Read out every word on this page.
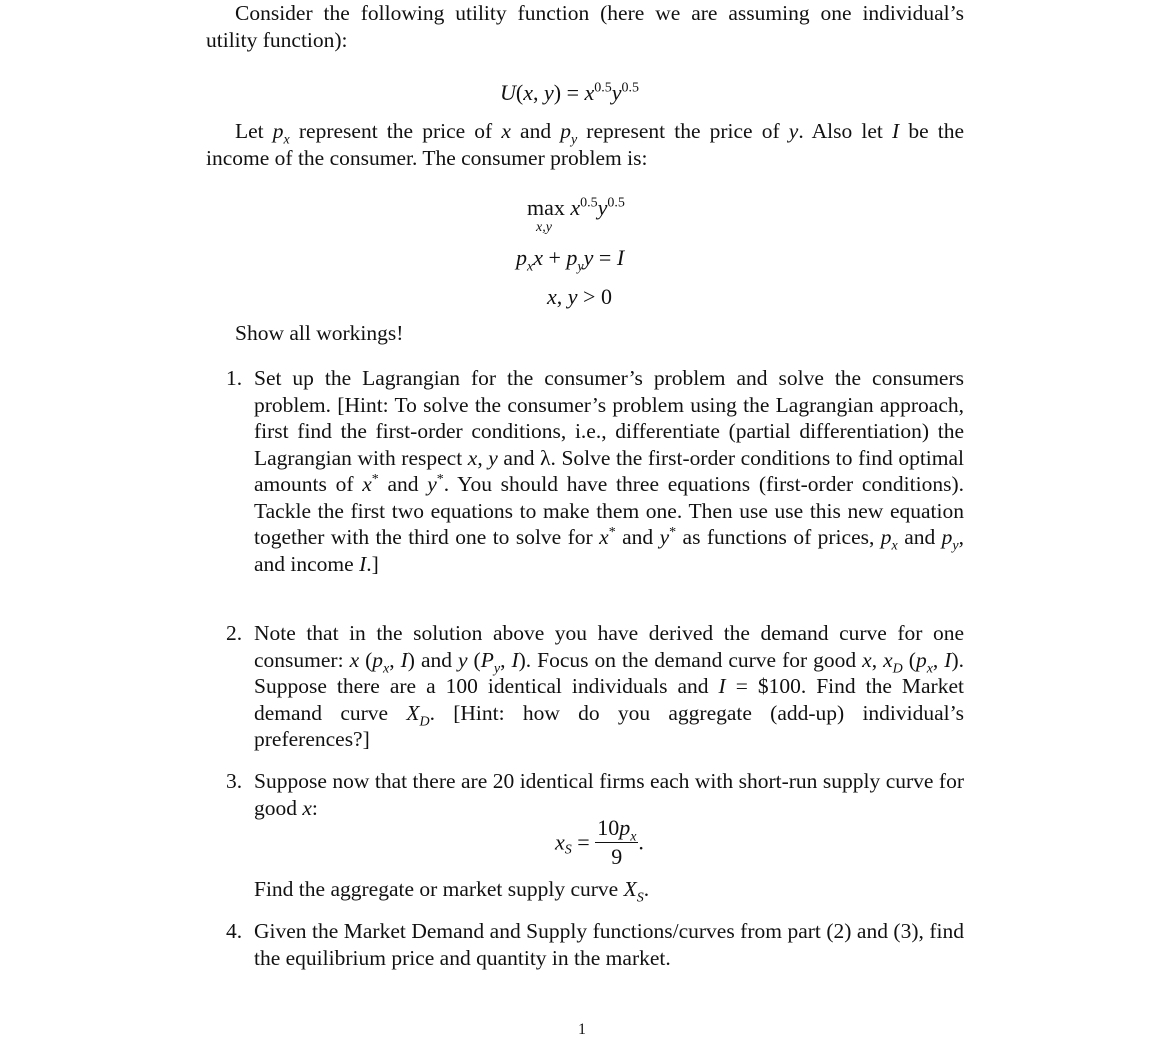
Consider the following utility function (here we are assuming one individual’s utility function):
U(x, $y) = x^{0.5}y^{0.5}$
Let $p_x$ represent the price of x and $p_y$ represent the price of y. Also let I be the income of the consumer. The consumer problem is:
$\max x^{0.5}y^{0.5}$
x,y
$p_xx + p_yy = I$
x, y > 0
Show all workings!
1. Set up the Lagrangian for the consumer’s problem and solve the consumers problem. [Hint: To solve the consumer’s problem using the Lagrangian approach, first find the first-order conditions, i.e., differentiate (partial differentiation) the Lagrangian with respect x, y and λ. Solve the first-order conditions to find optimal amounts of x* and y*. You should have three equations (first-order conditions). Tackle the first two equations to make them one. Then use use this new equation together with the third one to solve for x* and y* as functions of prices, $p_x$ and $p_y$, and income I.]
2. Note that in the solution above you have derived the demand curve for one consumer: x ($p_x$, I) and y ($P_y$, I). Focus on the demand curve for good x, $x_D$ ($p_x$, I). Suppose there are a 100 identical individuals and I = $100. Find the Market demand curve $X_D$. [Hint: how do you aggregate (add-up) individual’s preferences?]
3. Suppose now that there are 20 identical firms each with short-run supply curve for good x:
$x_S = \frac{10p_x}{9}$ .
Find the aggregate or market supply curve $X_S$.
4. Given the Market Demand and Supply functions/curves from part (2) and (3), find the equilibrium price and quantity in the market.
1
